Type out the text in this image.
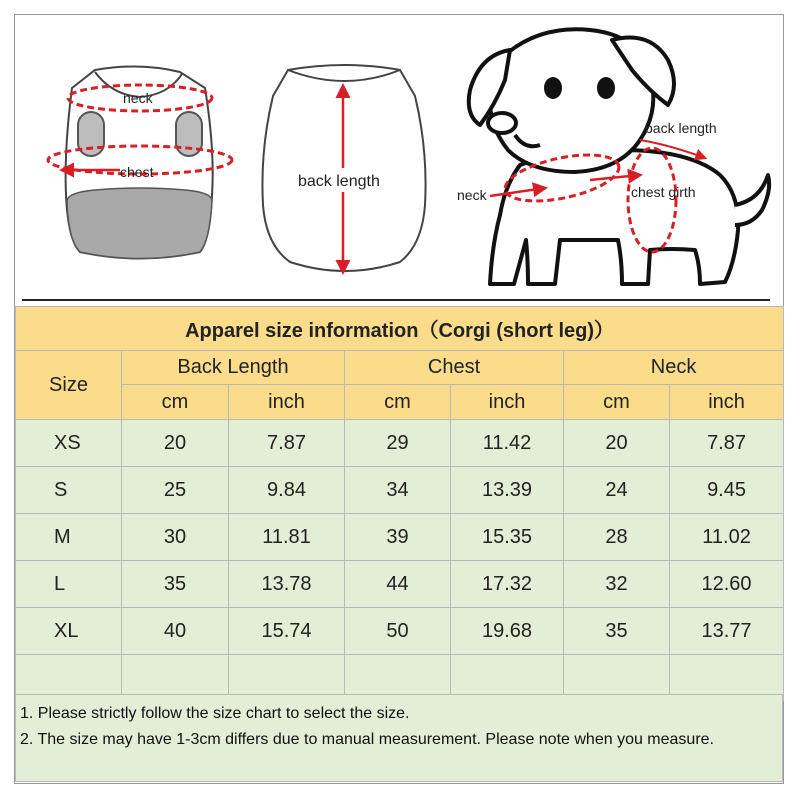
neck
chest
back length
back length
neck	chest girth
Apparel size information（Corgi (short leg)）						
Size	Back Length		Chest		Neck	
	cm	inch	cm	inch	cm	inch
XS	20	7.87	29	11.42	20	7.87
S	25	9.84	34	13.39	24	9.45
M	30	11.81	39	15.35	28	11.02
L	35	13.78	44	17.32	32	12.60
XL	40	15.74	50	19.68	35	13.77

1. Please strictly follow the size chart to select the size.
2. The size may have 1-3cm differs due to manual measurement. Please note when you measure.
